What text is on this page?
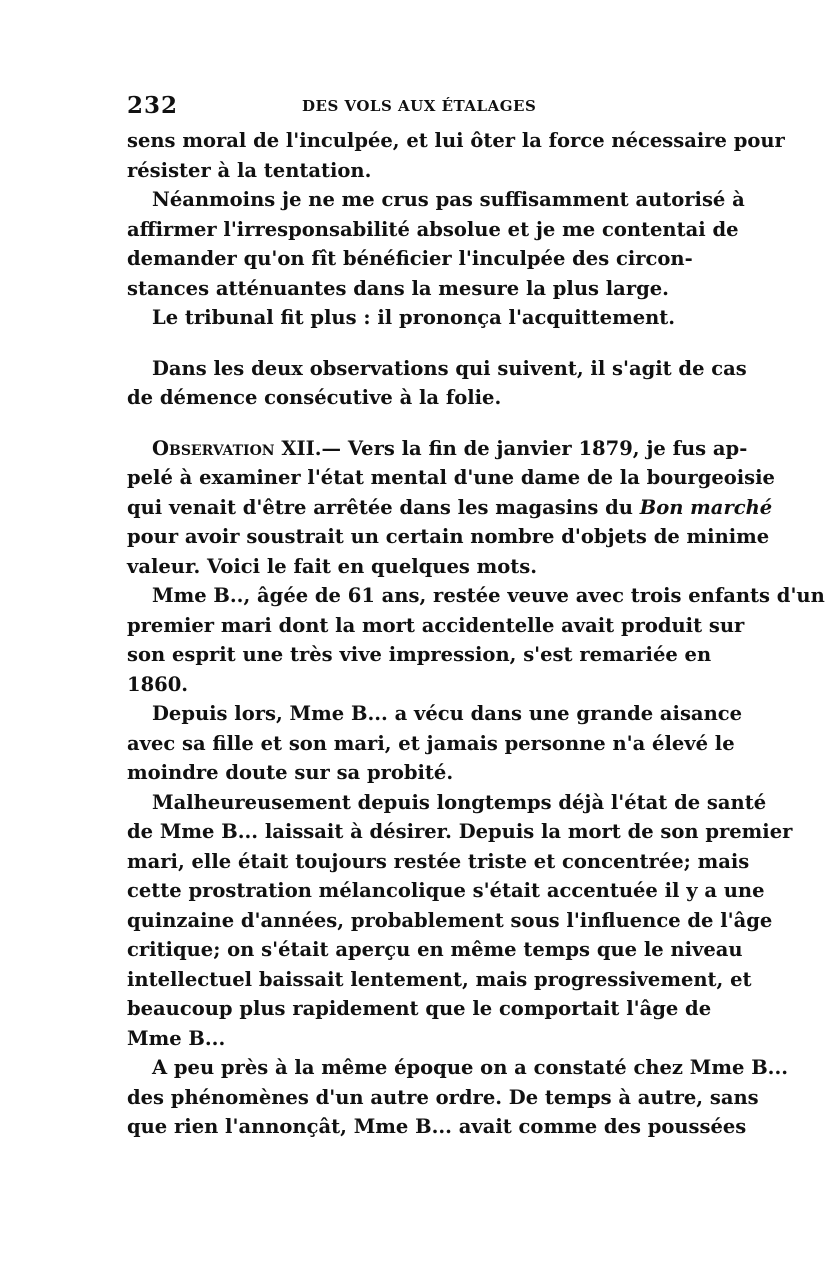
232	DES VOLS AUX ÉTALAGES
sens moral de l'inculpée, et lui ôter la force nécessaire pour
résister à la tentation.
Néanmoins je ne me crus pas suffisamment autorisé à
affirmer l'irresponsabilité absolue et je me contentai de
demander qu'on fît bénéficier l'inculpée des circon-
stances atténuantes dans la mesure la plus large.
Le tribunal fit plus : il prononça l'acquittement.
Dans les deux observations qui suivent, il s'agit de cas
de démence consécutive à la folie.
Observation XII.— Vers la fin de janvier 1879, je fus ap-
pelé à examiner l'état mental d'une dame de la bourgeoisie
qui venait d'être arrêtée dans les magasins du Bon marché
pour avoir soustrait un certain nombre d'objets de minime
valeur. Voici le fait en quelques mots.
Mme B.., âgée de 61 ans, restée veuve avec trois enfants d'un
premier mari dont la mort accidentelle avait produit sur
son esprit une très vive impression, s'est remariée en
1860.
Depuis lors, Mme B... a vécu dans une grande aisance
avec sa fille et son mari, et jamais personne n'a élevé le
moindre doute sur sa probité.
Malheureusement depuis longtemps déjà l'état de santé
de Mme B... laissait à désirer. Depuis la mort de son premier
mari, elle était toujours restée triste et concentrée; mais
cette prostration mélancolique s'était accentuée il y a une
quinzaine d'années, probablement sous l'influence de l'âge
critique; on s'était aperçu en même temps que le niveau
intellectuel baissait lentement, mais progressivement, et
beaucoup plus rapidement que le comportait l'âge de
Mme B...
A peu près à la même époque on a constaté chez Mme B...
des phénomènes d'un autre ordre. De temps à autre, sans
que rien l'annonçât, Mme B... avait comme des poussées
